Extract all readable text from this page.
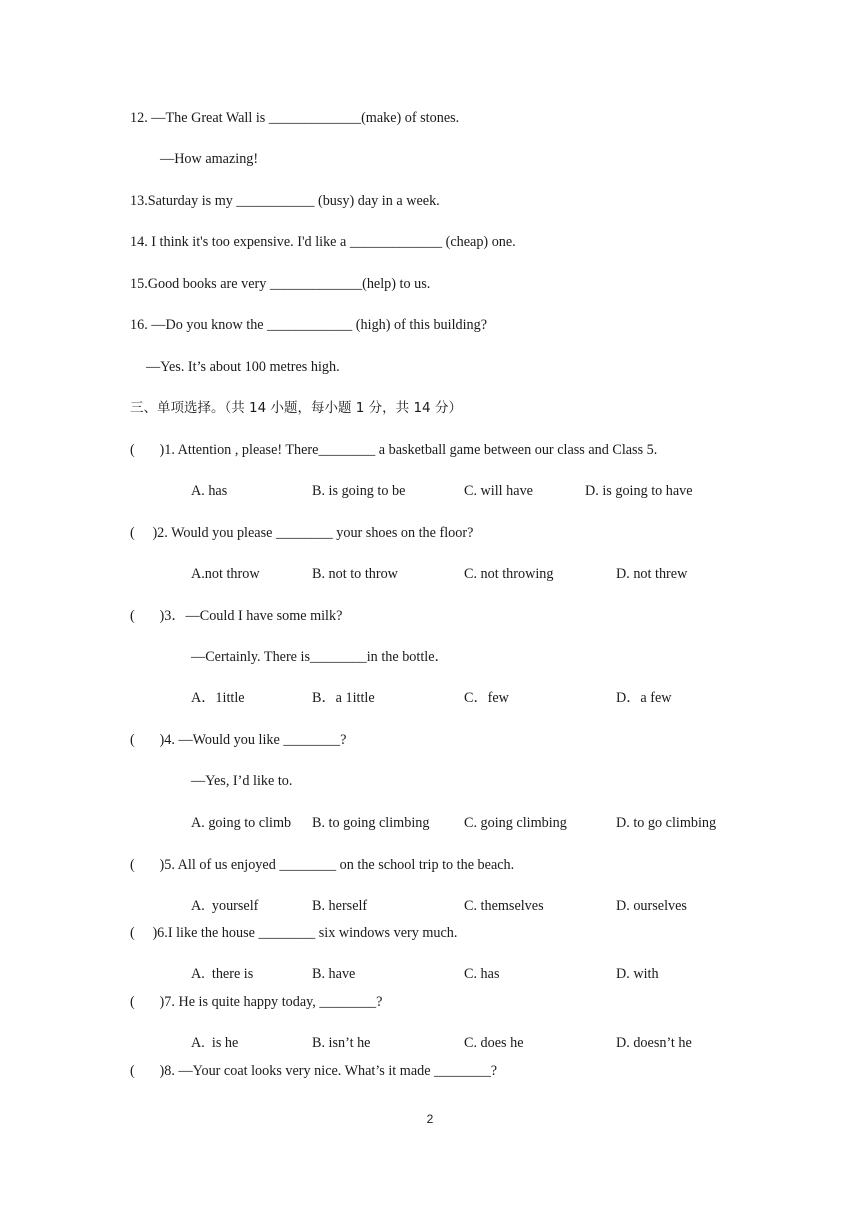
12. —The Great Wall is _____________(make) of stones.
—How amazing!
13.Saturday is my ___________ (busy) day in a week.
14. I think it's too expensive. I'd like a _____________ (cheap) one.
15.Good books are very _____________(help) to us.
16. —Do you know the ____________ (high) of this building?
—Yes. It’s about 100 metres high.
三、单项选择。（共 14 小题，每小题 1 分，共 14 分）
(       )1. Attention , please! There________ a basketball game between our class and Class 5.
A. has	B. is going to be	C. will have	D. is going to have
(     )2. Would you please ________ your shoes on the floor?
A.not throw	B. not to throw	C. not throwing	D. not threw
(       )3．—Could I have some milk?
—Certainly. There is________in the bottle．
A．1ittle	B．a 1ittle	C．few	D．a few
(       )4. —Would you like ________?
—Yes, I’d like to.
A. going to climb B. to going climbing C. going climbing	D. to go climbing
(       )5. All of us enjoyed ________ on the school trip to the beach.
A.  yourself	B. herself	C. themselves	D. ourselves
(     )6.I like the house ________ six windows very much.
A.  there is	B. have	C. has	D. with
(       )7. He is quite happy today, ________?
A.  is he	B. isn’t he	C. does he	D. doesn’t he
(       )8. —Your coat looks very nice. What’s it made ________?
2
